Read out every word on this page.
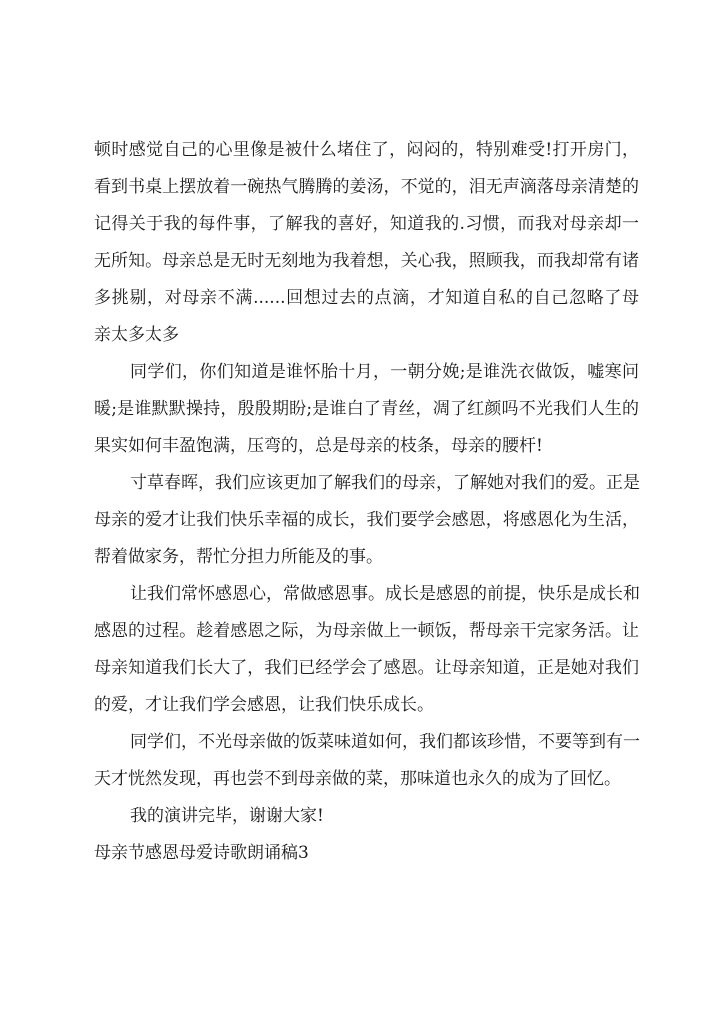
顿时感觉自己的心里像是被什么堵住了，闷闷的，特别难受!打开房门，
看到书桌上摆放着一碗热气腾腾的姜汤，不觉的，泪无声滴落母亲清楚的
记得关于我的每件事，了解我的喜好，知道我的.习惯，而我对母亲却一
无所知。母亲总是无时无刻地为我着想，关心我，照顾我，而我却常有诸
多挑剔，对母亲不满......回想过去的点滴，才知道自私的自己忽略了母
亲太多太多
同学们，你们知道是谁怀胎十月，一朝分娩;是谁洗衣做饭，嘘寒问
暖;是谁默默操持，殷殷期盼;是谁白了青丝，凋了红颜吗不光我们人生的
果实如何丰盈饱满，压弯的，总是母亲的枝条，母亲的腰杆!
寸草春晖，我们应该更加了解我们的母亲，了解她对我们的爱。正是
母亲的爱才让我们快乐幸福的成长，我们要学会感恩，将感恩化为生活，
帮着做家务，帮忙分担力所能及的事。
让我们常怀感恩心，常做感恩事。成长是感恩的前提，快乐是成长和
感恩的过程。趁着感恩之际，为母亲做上一顿饭，帮母亲干完家务活。让
母亲知道我们长大了，我们已经学会了感恩。让母亲知道，正是她对我们
的爱，才让我们学会感恩，让我们快乐成长。
同学们，不光母亲做的饭菜味道如何，我们都该珍惜，不要等到有一
天才恍然发现，再也尝不到母亲做的菜，那味道也永久的成为了回忆。
我的演讲完毕，谢谢大家!
母亲节感恩母爱诗歌朗诵稿3
